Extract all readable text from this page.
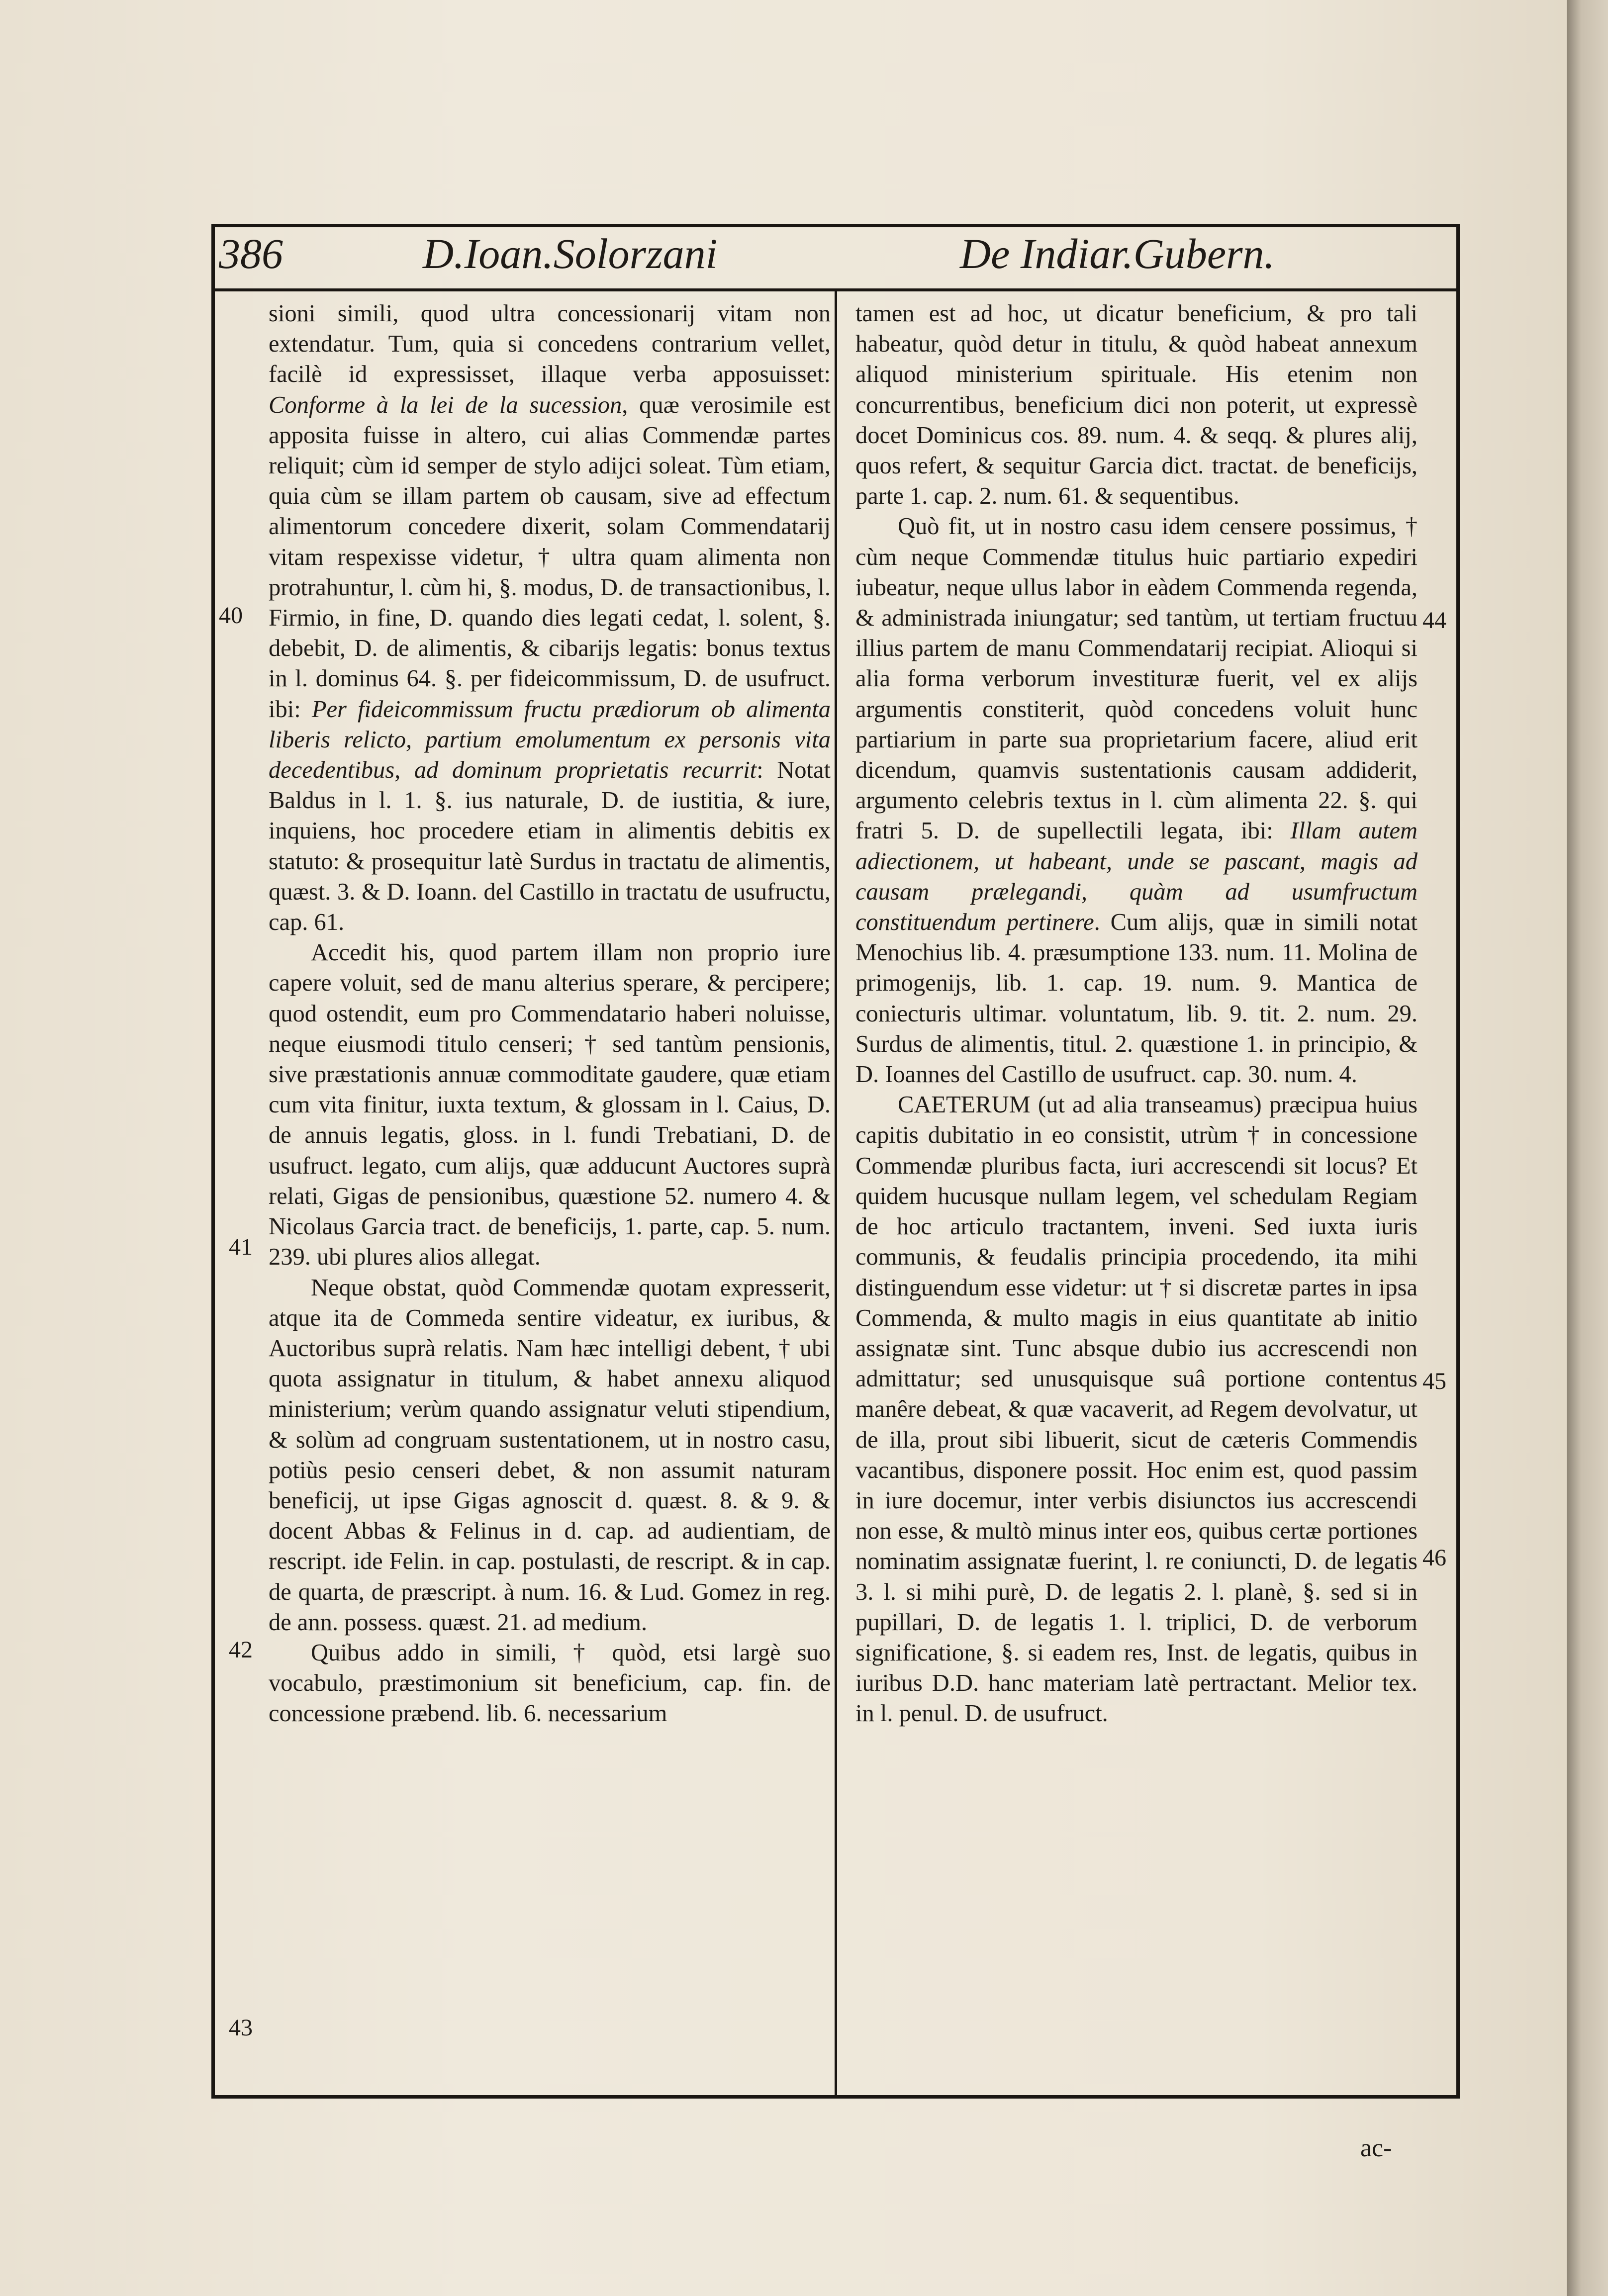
386	D.Ioan.Solorzani	De Indiar.Gubern.

sioni simili, quod ultra concessionarij vitam non extendatur. Tum, quia si concedens contrarium vellet, facilè id expressisset, illaque verba apposuisset: Conforme à la lei de la sucession, quæ verosimile est apposita fuisse in altero, cui alias Commendæ partes reliquit; cùm id semper de stylo adijci soleat. Tùm etiam, quia cùm se illam partem ob causam, sive ad effectum alimentorum concedere dixerit, solam Commendatarij vitam respexisse videtur, † ultra quam alimenta non protrahuntur, l. cùm hi, §. modus, D. de transactionibus, l. Firmio, in fine, D. quando dies legati cedat, l. solent, §. debebit, D. de alimentis, & cibarijs legatis: bonus textus in l. dominus 64. §. per fideicommissum, D. de usufruct. ibi: Per fideicommissum fructu prædiorum ob alimenta liberis relicto, partium emolumentum ex personis vita decedentibus, ad dominum proprietatis recurrit: Notat Baldus in l. 1. §. ius naturale, D. de iustitia, & iure, inquiens, hoc procedere etiam in alimentis debitis ex statuto: & prosequitur latè Surdus in tractatu de alimentis, quæst. 3. & D. Ioann. del Castillo in tractatu de usufructu, cap. 61.

Accedit his, quod partem illam non proprio iure capere voluit, sed de manu alterius sperare, & percipere; quod ostendit, eum pro Commendatario haberi noluisse, neque eiusmodi titulo censeri; † sed tantùm pensionis, sive præstationis annuæ commoditate gaudere, quæ etiam cum vita finitur, iuxta textum, & glossam in l. Caius, D. de annuis legatis, gloss. in l. fundi Trebatiani, D. de usufruct. legato, cum alijs, quæ adducunt Auctores suprà relati, Gigas de pensionibus, quæstione 52. numero 4. & Nicolaus Garcia tract. de beneficijs, 1. parte, cap. 5. num. 239. ubi plures alios allegat.

Neque obstat, quòd Commendæ quotam expresserit, atque ita de Commeda sentire videatur, ex iuribus, & Auctoribus suprà relatis. Nam hæc intelligi debent, † ubi quota assignatur in titulum, & habet annexu aliquod ministerium; verùm quando assignatur veluti stipendium, & solùm ad congruam sustentationem, ut in nostro casu, potiùs pesio censeri debet, & non assumit naturam beneficij, ut ipse Gigas agnoscit d. quæst. 8. & 9. & docent Abbas & Felinus in d. cap. ad audientiam, de rescript. ide Felin. in cap. postulasti, de rescript. & in cap. de quarta, de præscript. à num. 16. & Lud. Gomez in reg. de ann. possess. quæst. 21. ad medium.

Quibus addo in simili, † quòd, etsi largè suo vocabulo, præstimonium sit beneficium, cap. fin. de concessione præbend. lib. 6. necessarium

tamen est ad hoc, ut dicatur beneficium, & pro tali habeatur, quòd detur in titulu, & quòd habeat annexum aliquod ministerium spirituale. His etenim non concurrentibus, beneficium dici non poterit, ut expressè docet Dominicus cos. 89. num. 4. & seqq. & plures alij, quos refert, & sequitur Garcia dict. tractat. de beneficijs, parte 1. cap. 2. num. 61. & sequentibus.

Quò fit, ut in nostro casu idem censere possimus, † cùm neque Commendæ titulus huic partiario expediri iubeatur, neque ullus labor in eàdem Commenda regenda, & administrada iniungatur; sed tantùm, ut tertiam fructuu illius partem de manu Commendatarij recipiat. Alioqui si alia forma verborum investituræ fuerit, vel ex alijs argumentis constiterit, quòd concedens voluit hunc partiarium in parte sua proprietarium facere, aliud erit dicendum, quamvis sustentationis causam addiderit, argumento celebris textus in l. cùm alimenta 22. §. qui fratri 5. D. de supellectili legata, ibi: Illam autem adiectionem, ut habeant, unde se pascant, magis ad causam prælegandi, quàm ad usumfructum constituendum pertinere. Cum alijs, quæ in simili notat Menochius lib. 4. præsumptione 133. num. 11. Molina de primogenijs, lib. 1. cap. 19. num. 9. Mantica de coniecturis ultimar. voluntatum, lib. 9. tit. 2. num. 29. Surdus de alimentis, titul. 2. quæstione 1. in principio, & D. Ioannes del Castillo de usufruct. cap. 30. num. 4.

CAETERUM (ut ad alia transeamus) præcipua huius capitis dubitatio in eo consistit, utrùm † in concessione Commendæ pluribus facta, iuri accrescendi sit locus? Et quidem hucusque nullam legem, vel schedulam Regiam de hoc articulo tractantem, inveni. Sed iuxta iuris communis, & feudalis principia procedendo, ita mihi distinguendum esse videtur: ut † si discretæ partes in ipsa Commenda, & multo magis in eius quantitate ab initio assignatæ sint. Tunc absque dubio ius accrescendi non admittatur; sed unusquisque suâ portione contentus manêre debeat, & quæ vacaverit, ad Regem devolvatur, ut de illa, prout sibi libuerit, sicut de cæteris Commendis vacantibus, disponere possit. Hoc enim est, quod passim in iure docemur, inter verbis disiunctos ius accrescendi non esse, & multò minus inter eos, quibus certæ portiones nominatim assignatæ fuerint, l. re coniuncti, D. de legatis 3. l. si mihi purè, D. de legatis 2. l. planè, §. sed si in pupillari, D. de legatis 1. l. triplici, D. de verborum significatione, §. si eadem res, Inst. de legatis, quibus in iuribus D.D. hanc materiam latè pertractant. Melior tex. in l. penul. D. de usufruct.

40
41
42
43
44
45
46
ac-
